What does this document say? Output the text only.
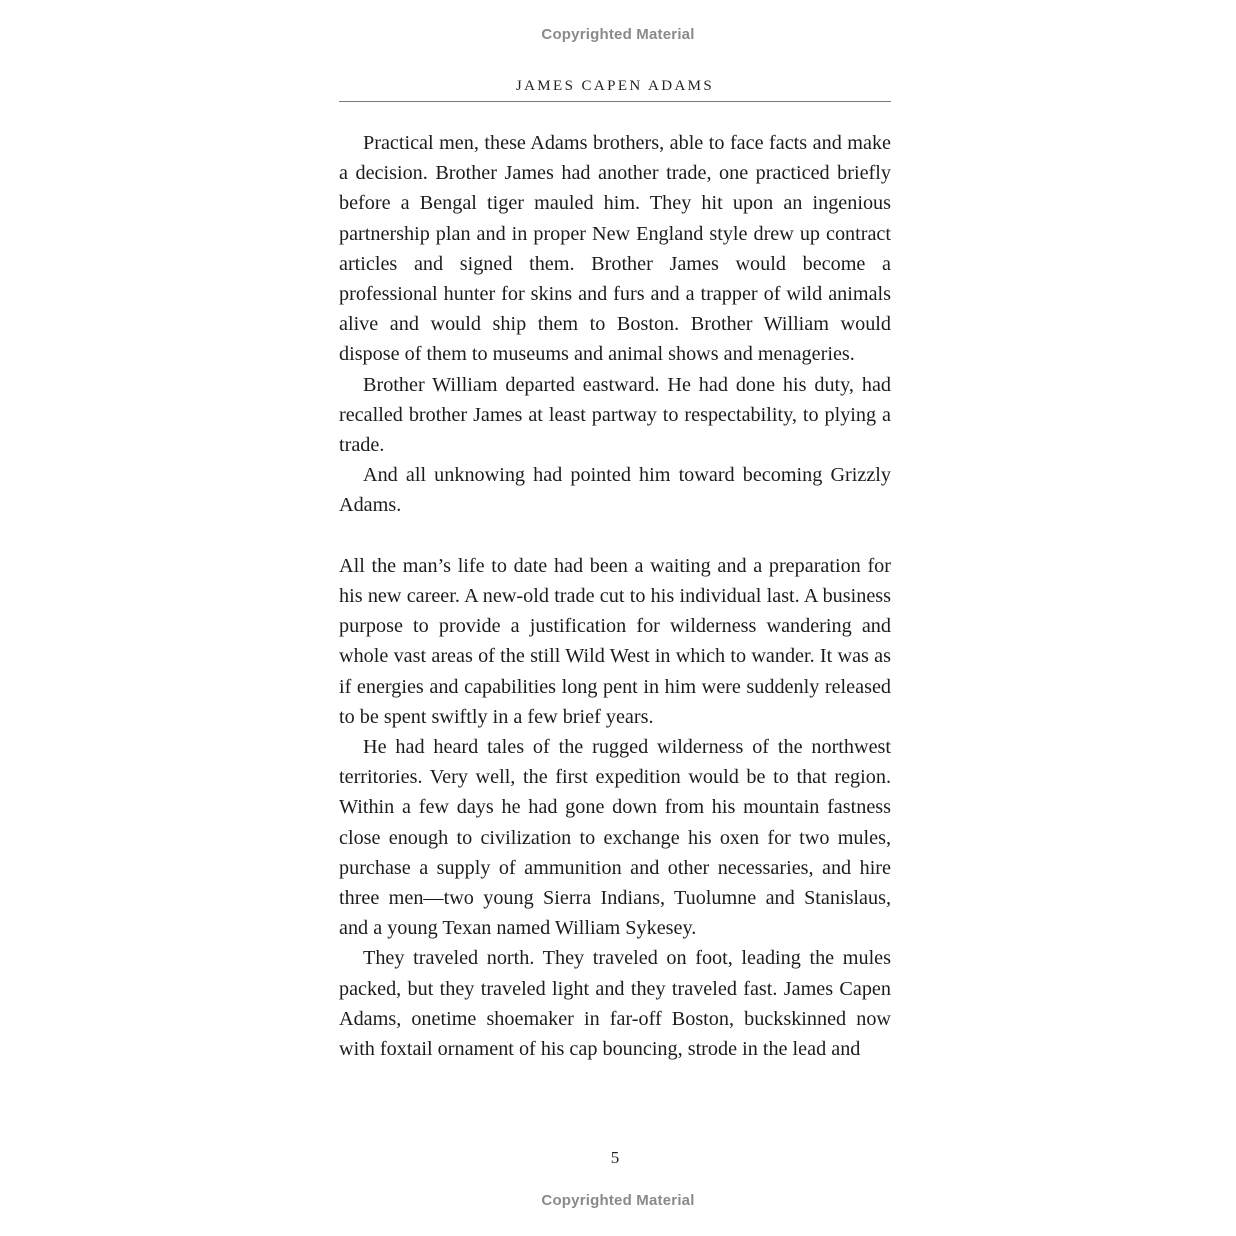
Copyrighted Material
JAMES CAPEN ADAMS

Practical men, these Adams brothers, able to face facts and make a decision. Brother James had another trade, one practiced briefly before a Bengal tiger mauled him. They hit upon an ingenious partnership plan and in proper New England style drew up contract articles and signed them. Brother James would become a professional hunter for skins and furs and a trapper of wild animals alive and would ship them to Boston. Brother William would dispose of them to museums and animal shows and menageries.

Brother William departed eastward. He had done his duty, had recalled brother James at least partway to respectability, to plying a trade.

And all unknowing had pointed him toward becoming Grizzly Adams.

All the man’s life to date had been a waiting and a preparation for his new career. A new-old trade cut to his individual last. A business purpose to provide a justification for wilderness wandering and whole vast areas of the still Wild West in which to wander. It was as if energies and capabilities long pent in him were suddenly released to be spent swiftly in a few brief years.

He had heard tales of the rugged wilderness of the northwest territories. Very well, the first expedition would be to that region. Within a few days he had gone down from his mountain fastness close enough to civilization to exchange his oxen for two mules, purchase a supply of ammunition and other necessaries, and hire three men—two young Sierra Indians, Tuolumne and Stanislaus, and a young Texan named William Sykesey.

They traveled north. They traveled on foot, leading the mules packed, but they traveled light and they traveled fast. James Capen Adams, onetime shoemaker in far-off Boston, buckskinned now with foxtail ornament of his cap bouncing, strode in the lead and

5
Copyrighted Material
